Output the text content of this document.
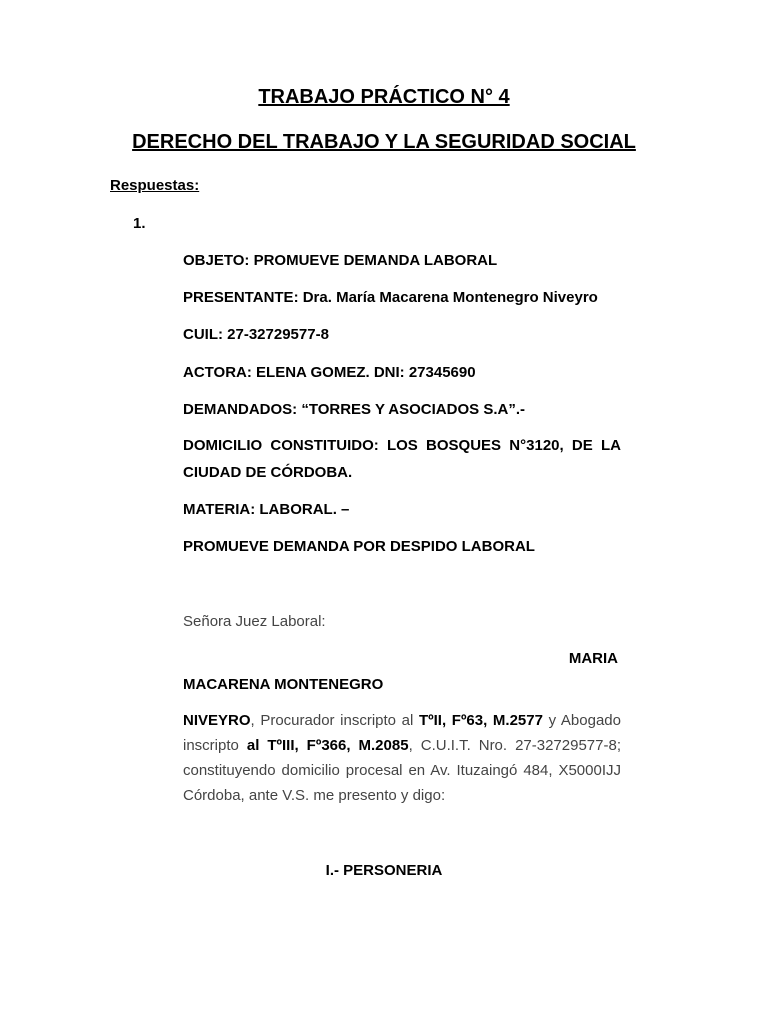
TRABAJO PRÁCTICO N° 4
DERECHO DEL TRABAJO Y LA SEGURIDAD SOCIAL
Respuestas:
1.
OBJETO: PROMUEVE DEMANDA LABORAL
PRESENTANTE: Dra. María Macarena Montenegro Niveyro
CUIL: 27-32729577-8
ACTORA: ELENA GOMEZ. DNI: 27345690
DEMANDADOS: “TORRES Y ASOCIADOS S.A”.-
DOMICILIO CONSTITUIDO: LOS BOSQUES N°3120, DE LA CIUDAD DE CÓRDOBA.
MATERIA: LABORAL. –
PROMUEVE DEMANDA POR DESPIDO LABORAL
Señora Juez Laboral:
MARIA
MACARENA MONTENEGRO
NIVEYRO, Procurador inscripto al TºII, Fº63, M.2577 y Abogado inscripto al TºIII, Fº366, M.2085, C.U.I.T. Nro. 27-32729577-8; constituyendo domicilio procesal en Av. Ituzaingó 484, X5000IJJ Córdoba, ante V.S. me presento y digo:
I.- PERSONERIA
